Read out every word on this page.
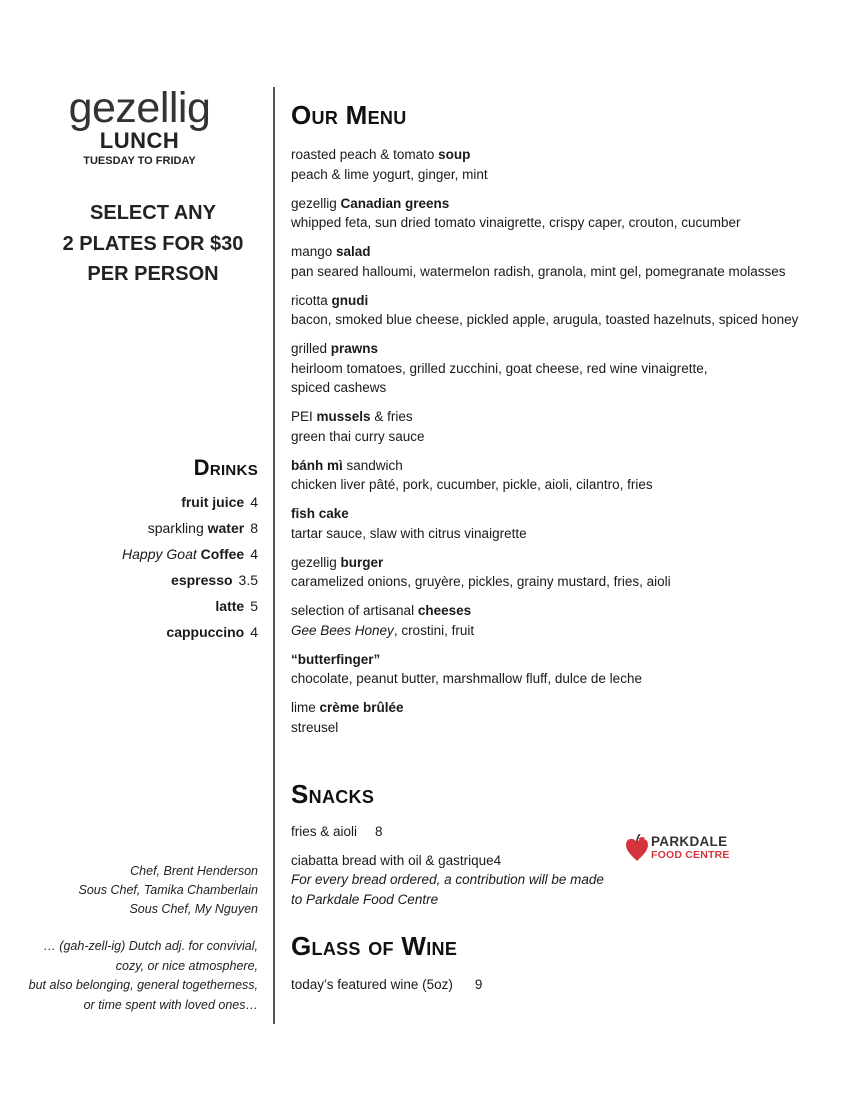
gezellig
LUNCH
TUESDAY TO FRIDAY
SELECT ANY
2 PLATES FOR $30
PER PERSON
Drinks
fruit juice 4
sparkling water 8
Happy Goat Coffee 4
espresso 3.5
latte 5
cappuccino 4
Chef, Brent Henderson
Sous Chef, Tamika Chamberlain
Sous Chef, My Nguyen
… (gah-zell-ig) Dutch adj. for convivial,
cozy, or nice atmosphere,
but also belonging, general togetherness,
or time spent with loved ones…
Our Menu
roasted peach & tomato soup
peach & lime yogurt, ginger, mint
gezellig Canadian greens
whipped feta, sun dried tomato vinaigrette, crispy caper, crouton, cucumber
mango salad
pan seared halloumi, watermelon radish, granola, mint gel, pomegranate molasses
ricotta gnudi
bacon, smoked blue cheese, pickled apple, arugula, toasted hazelnuts, spiced honey
grilled prawns
heirloom tomatoes, grilled zucchini, goat cheese, red wine vinaigrette,
spiced cashews
PEI mussels & fries
green thai curry sauce
bánh mì sandwich
chicken liver pâté, pork, cucumber, pickle, aioli, cilantro, fries
fish cake
tartar sauce, slaw with citrus vinaigrette
gezellig burger
caramelized onions, gruyère, pickles, grainy mustard, fries, aioli
selection of artisanal cheeses
Gee Bees Honey, crostini, fruit
“butterfinger”
chocolate, peanut butter, marshmallow fluff, dulce de leche
lime crème brûlée
streusel
Snacks
fries & aioli 8
ciabatta bread with oil & gastrique4
For every bread ordered, a contribution will be made
to Parkdale Food Centre
PARKDALE
FOOD CENTRE
Glass of Wine
today’s featured wine (5oz) 9
